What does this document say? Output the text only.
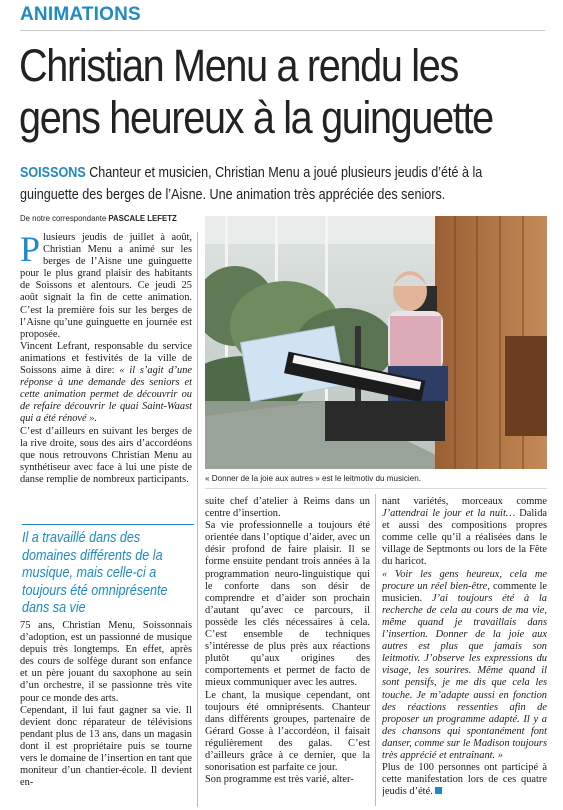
ANIMATIONS
Christian Menu a rendu les
gens heureux à la guinguette
SOISSONS Chanteur et musicien, Christian Menu a joué plusieurs jeudis d’été à la guinguette des berges de l’Aisne. Une animation très appréciée des seniors.
De notre correspondante PASCALE LEFETZ
P lusieurs jeudis de juillet à août, Christian Menu a animé sur les berges de l’Aisne une guinguette pour le plus grand plaisir des habitants de Soissons et alentours. Ce jeudi 25 août signait la fin de cette animation. C’est la première fois sur les berges de l’Aisne qu’une guinguette en journée est proposée.

Vincent Lefrant, responsable du service animations et festivités de la ville de Soissons aime à dire: « il s’agit d’une réponse à une demande des seniors et cette animation permet de découvrir ou de refaire découvrir le quai Saint-Waast qui a été rénové ».

C’est d’ailleurs en suivant les berges de la rive droite, sous des airs d’accordéons que nous retrouvons Christian Menu au synthétiseur avec face à lui une piste de danse remplie de nombreux participants.	« Donner de la joie aux autres » est le leitmotiv du musicien.
Il a travaillé dans des domaines différents de la musique, mais celle-ci a toujours été omniprésente dans sa vie

75 ans, Christian Menu, Soissonnais d’adoption, est un passionné de musique depuis très longtemps. En effet, après des cours de solfège durant son enfance et un père jouant du saxophone au sein d’un orchestre, il se passionne très vite pour ce monde des arts.

Cependant, il lui faut gagner sa vie. Il devient donc réparateur de télévisions pendant plus de 13 ans, dans un magasin dont il est propriétaire puis se tourne vers le domaine de l’insertion en tant que moniteur d’un chantier-école. Il devient en-

suite chef d’atelier à Reims dans un centre d’insertion.

Sa vie professionnelle a toujours été orientée dans l’optique d’aider, avec un désir profond de faire plaisir. Il se forme ensuite pendant trois années à la programmation neuro-linguistique qui le conforte dans son désir de comprendre et d’aider son prochain d’autant qu’avec ce parcours, il possède les clés nécessaires à cela. C’est ensemble de techniques s’intéresse de plus près aux réactions plutôt qu’aux origines des comportements et permet de facto de mieux communiquer avec les autres.

Le chant, la musique cependant, ont toujours été omniprésents. Chanteur dans différents groupes, partenaire de Gérard Gosse à l’accordéon, il faisait régulièrement des galas. C’est d’ailleurs grâce à ce dernier, que la sonorisation est parfaite ce jour.

Son programme est très varié, alter-

nant variétés, morceaux comme J’attendrai le jour et la nuit… Dalida et aussi des compositions propres comme celle qu’il a réalisées dans le village de Septmonts ou lors de la Fête du haricot.

« Voir les gens heureux, cela me procure un réel bien-être, commente le musicien. J’ai toujours été à la recherche de cela au cours de ma vie, même quand je travaillais dans l’insertion. Donner de la joie aux autres est plus que jamais son leitmotiv. J’observe les expressions du visage, les sourires. Même quand il sont pensifs, je me dis que cela les touche. Je m’adapte aussi en fonction des réactions ressenties afin de proposer un programme adapté. Il y a des chansons qui spontanément font danser, comme sur le Madison toujours très apprécié et entraînant. »

Plus de 100 personnes ont participé à cette manifestation lors de ces quatre jeudis d’été.
